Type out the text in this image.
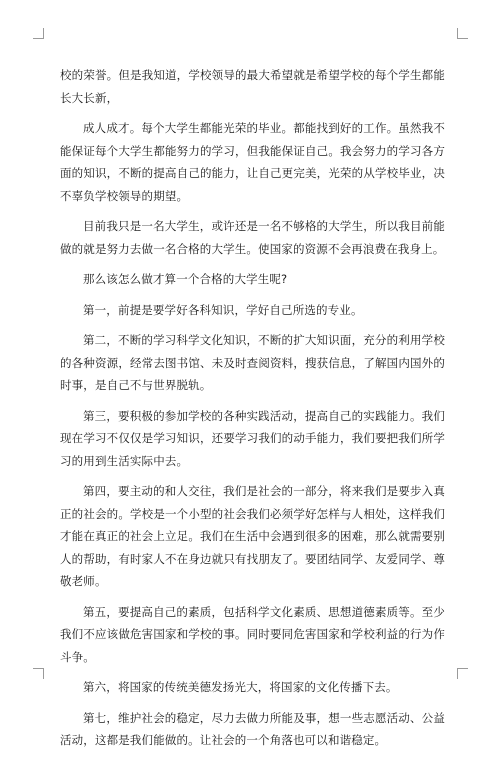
校的荣誉。但是我知道，学校领导的最大希望就是希望学校的每个学生都能长大长新，

成人成才。每个大学生都能光荣的毕业。都能找到好的工作。虽然我不能保证每个大学生都能努力的学习，但我能保证自己。我会努力的学习各方面的知识，不断的提高自己的能力，让自己更完美，光荣的从学校毕业，决不辜负学校领导的期望。

目前我只是一名大学生，或许还是一名不够格的大学生，所以我目前能做的就是努力去做一名合格的大学生。使国家的资源不会再浪费在我身上。

那么该怎么做才算一个合格的大学生呢?

第一，前提是要学好各科知识，学好自己所选的专业。

第二，不断的学习科学文化知识，不断的扩大知识面，充分的利用学校的各种资源，经常去图书馆、未及时查阅资料，搜获信息，了解国内国外的时事，是自己不与世界脱轨。

第三，要积极的参加学校的各种实践活动，提高自己的实践能力。我们现在学习不仅仅是学习知识，还要学习我们的动手能力，我们要把我们所学习的用到生活实际中去。

第四，要主动的和人交往，我们是社会的一部分，将来我们是要步入真正的社会的。学校是一个小型的社会我们必须学好怎样与人相处，这样我们才能在真正的社会上立足。我们在生活中会遇到很多的困难，那么就需要别人的帮助，有时家人不在身边就只有找朋友了。要团结同学、友爱同学、尊敬老师。

第五，要提高自己的素质，包括科学文化素质、思想道德素质等。至少我们不应该做危害国家和学校的事。同时要同危害国家和学校利益的行为作斗争。

第六，将国家的传统美德发扬光大，将国家的文化传播下去。

第七，维护社会的稳定，尽力去做力所能及事，想一些志愿活动、公益活动，这都是我们能做的。让社会的一个角落也可以和谐稳定。
